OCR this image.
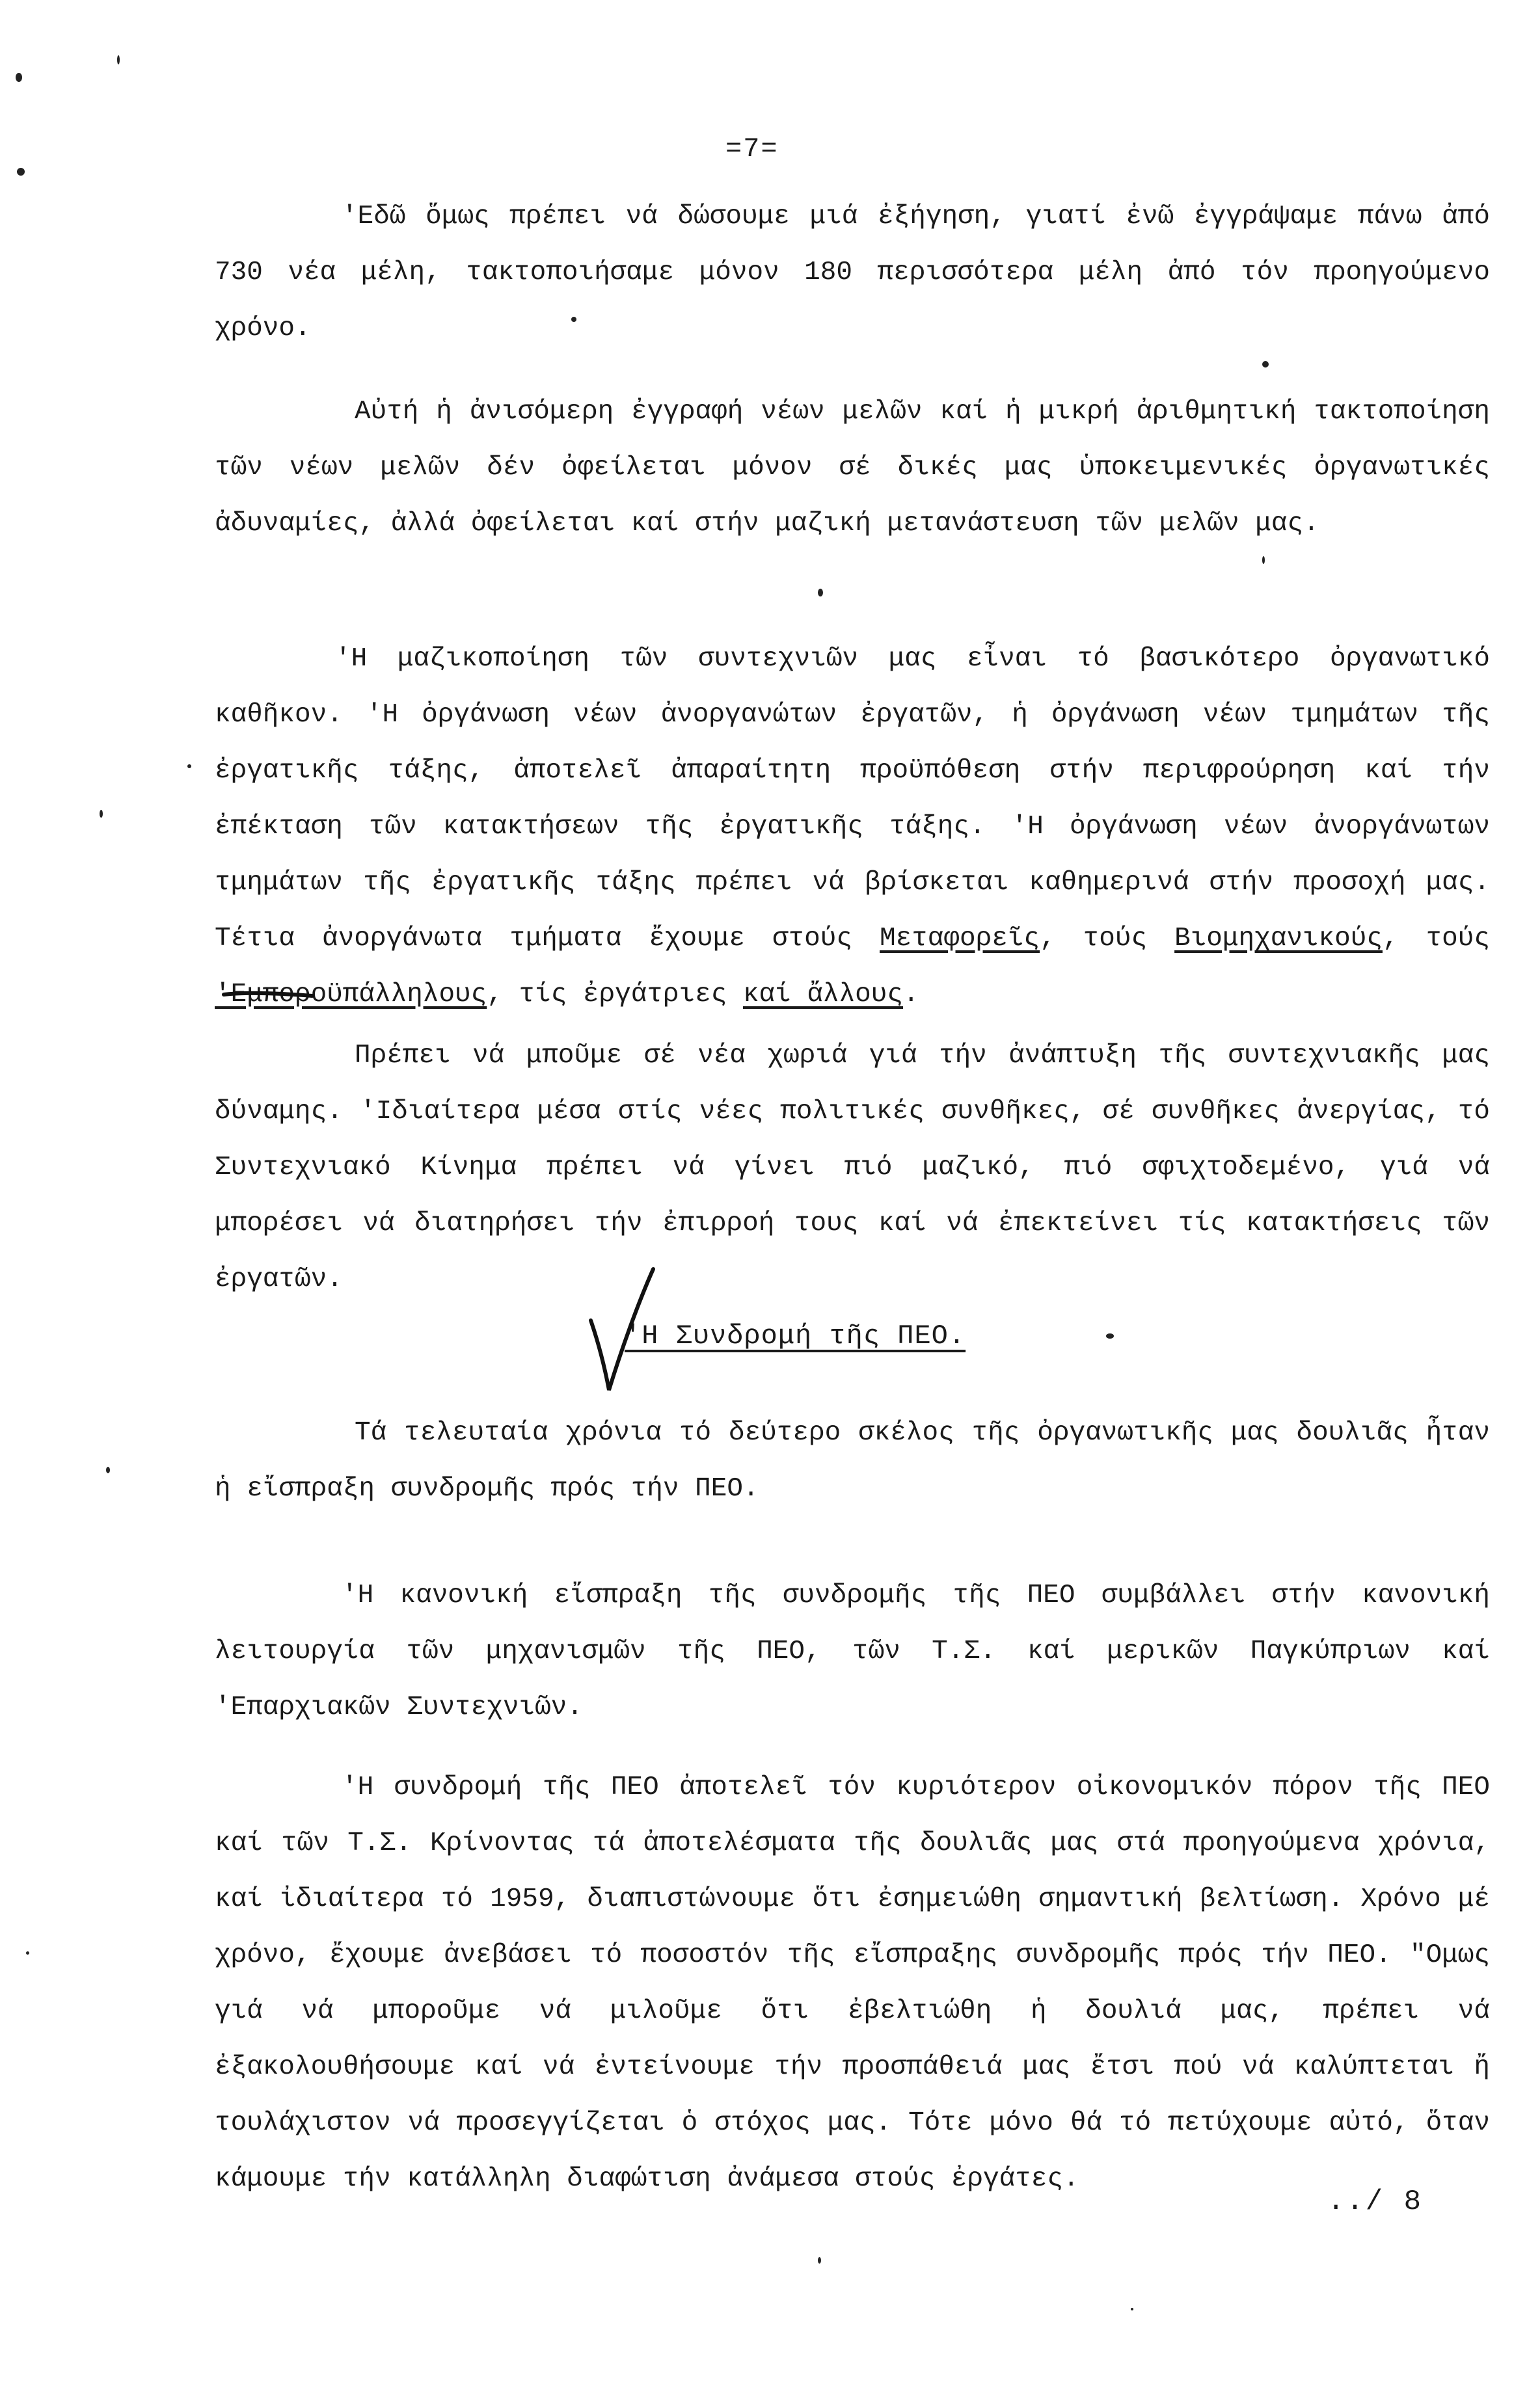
=7=

'Εδῶ ὅμως πρέπει νά δώσουμε μιά ἐξήγηση, γιατί ἐνῶ ἐγγράψαμε πάνω ἀπό 730 νέα μέλη, τακτοποιήσαμε μόνον 180 περισσότερα μέλη ἀπό τόν προηγούμενο χρόνο.

Αὐτή ἡ ἀνισόμερη ἐγγραφή νέων μελῶν καί ἡ μικρή ἀριθμητική τακτοποίηση τῶν νέων μελῶν δέν ὀφείλεται μόνον σέ δικές μας ὑποκειμενικές ὀργανωτικές ἀδυναμίες, ἀλλά ὀφείλεται καί στήν μαζική μετανάστευση τῶν μελῶν μας.

'Η μαζικοποίηση τῶν συντεχνιῶν μας εἶναι τό βασικότερο ὀργανωτικό καθῆκον. 'Η ὀργάνωση νέων ἀνοργανώτων ἐργατῶν, ἡ ὀργάνωση νέων τμημάτων τῆς ἐργατικῆς τάξης, ἀποτελεῖ ἀπαραίτητη προϋπόθεση στήν περιφρούρηση καί τήν ἐπέκταση τῶν κατακτήσεων τῆς ἐργατικῆς τάξης. 'Η ὀργάνωση νέων ἀνοργάνωτων τμημάτων τῆς ἐργατικῆς τάξης πρέπει νά βρίσκεται καθημερινά στήν προσοχή μας. Τέτια ἀνοργάνωτα τμήματα ἔχουμε στούς Μεταφορεῖς, τούς Βιομηχανικούς, τούς 'Εμποροϋπάλληλους, τίς ἐργάτριες καί ἄλλους.

Πρέπει νά μποῦμε σέ νέα χωριά γιά τήν ἀνάπτυξη τῆς συντεχνιακῆς μας δύναμης. 'Ιδιαίτερα μέσα στίς νέες πολιτικές συνθῆκες, σέ συνθῆκες ἀνεργίας, τό Συντεχνιακό Κίνημα πρέπει νά γίνει πιό μαζικό, πιό σφιχτοδεμένο, γιά νά μπορέσει νά διατηρήσει τήν ἐπιρροή τους καί νά ἐπεκτείνει τίς κατακτήσεις τῶν ἐργατῶν.

'Η Συνδρομή τῆς ΠΕΟ.

Τά τελευταία χρόνια τό δεύτερο σκέλος τῆς ὀργανωτικῆς μας δουλιᾶς ἦταν ἡ εἴσπραξη συνδρομῆς πρός τήν ΠΕΟ.

'Η κανονική εἴσπραξη τῆς συνδρομῆς τῆς ΠΕΟ συμβάλλει στήν κανονική λειτουργία τῶν μηχανισμῶν τῆς ΠΕΟ, τῶν Τ.Σ. καί μερικῶν Παγκύπριων καί 'Επαρχιακῶν Συντεχνιῶν.

'Η συνδρομή τῆς ΠΕΟ ἀποτελεῖ τόν κυριότερον οἰκονομικόν πόρον τῆς ΠΕΟ καί τῶν Τ.Σ. Κρίνοντας τά ἀποτελέσματα τῆς δουλιᾶς μας στά προηγούμενα χρόνια, καί ἰδιαίτερα τό 1959, διαπιστώνουμε ὅτι ἐσημειώθη σημαντική βελτίωση. Χρόνο μέ χρόνο, ἔχουμε ἀνεβάσει τό ποσοστόν τῆς εἴσπραξης συνδρομῆς πρός τήν ΠΕΟ. "Ομως γιά νά μποροῦμε νά μιλοῦμε ὅτι ἐβελτιώθη ἡ δουλιά μας, πρέπει νά ἐξακολουθήσουμε καί νά ἐντείνουμε τήν προσπάθειά μας ἔτσι πού νά καλύπτεται ἤ τουλάχιστον νά προσεγγίζεται ὁ στόχος μας. Τότε μόνο θά τό πετύχουμε αὐτό, ὅταν κάμουμε τήν κατάλληλη διαφώτιση ἀνάμεσα στούς ἐργάτες.

../ 8
